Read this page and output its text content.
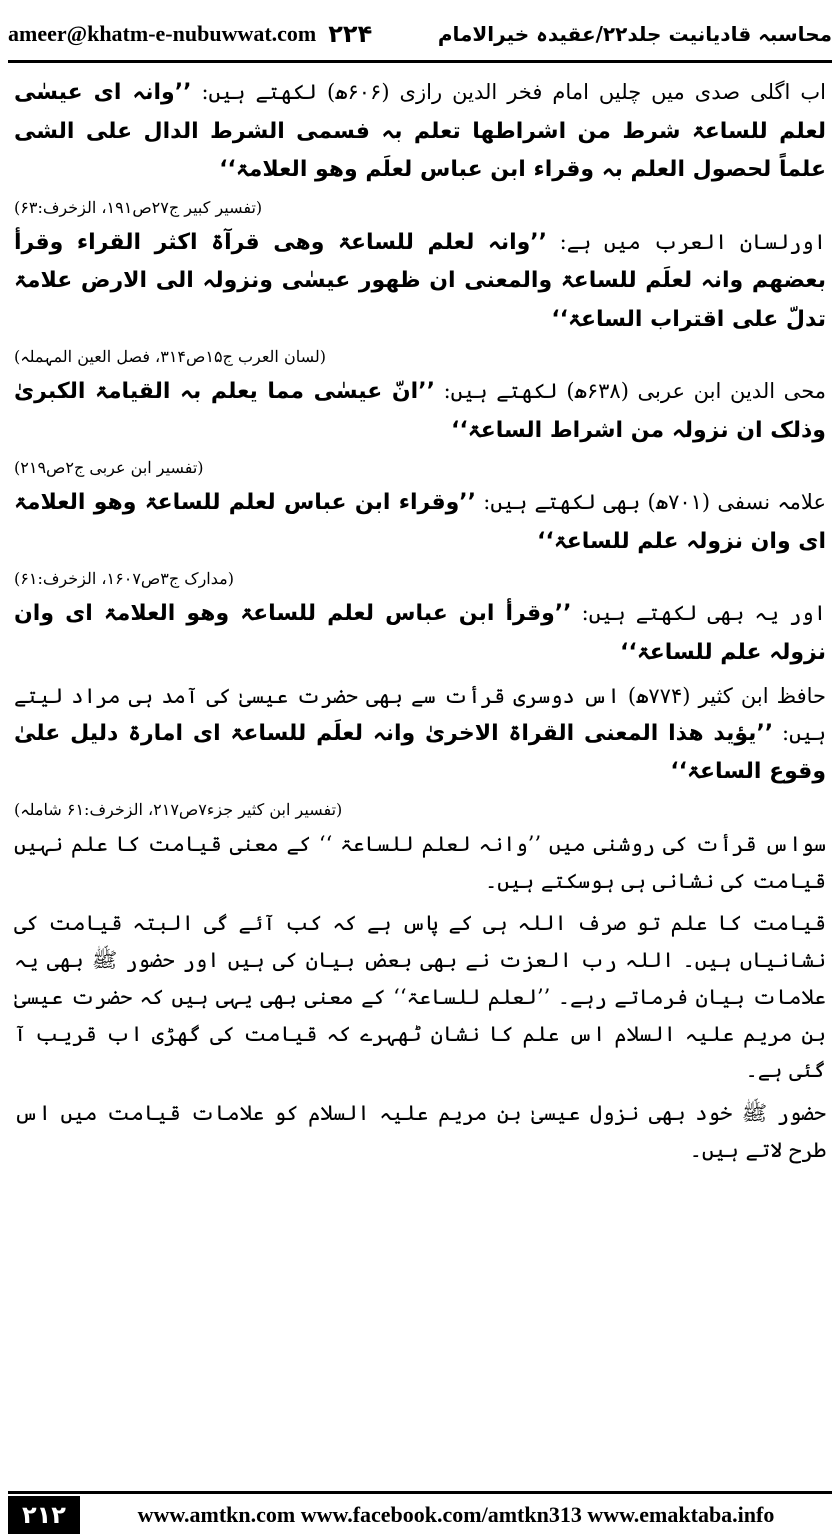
ameer@khatm-e-nubuwwat.com ۲۲۴	محاسبہ قادیانیت جلد۲۲/عقیدہ خیرالامام

اب اگلی صدی میں چلیں امام فخر الدین رازی (۶۰۶ھ) لکھتے ہیں: ’’وانہ ای عیسٰی لعلم للساعۃ شرط من اشراطھا تعلم بہ فسمی الشرط الدال علی الشی علماً لحصول العلم بہ وقراء ابن عباس لعلَم وھو العلامۃ‘‘

(تفسیر کبیر ج۲۷ص۱۹۱، الزخرف:۶۳)

اورلسان العرب میں ہے: ’’وانہ لعلم للساعۃ وھی قرآۃ اکثر القراء وقرأ بعضھم وانہ لعلَم للساعۃ والمعنی ان ظھور عیسٰی ونزولہ الی الارض علامۃ تدلّ علی اقتراب الساعۃ‘‘

(لسان العرب ج۱۵ص۳۱۴، فصل العین المہملہ)

محی الدین ابن عربی (۶۳۸ھ) لکھتے ہیں: ’’انّ عیسٰی مما یعلم بہ القیامۃ الکبریٰ وذلک ان نزولہ من اشراط الساعۃ‘‘

(تفسیر ابن عربی ج۲ص۲۱۹)

علامہ نسفی (۷۰۱ھ) بھی لکھتے ہیں: ’’وقراء ابن عباس لعلم للساعۃ وھو العلامۃ ای وان نزولہ علم للساعۃ‘‘

(مدارک ج۳ص۱۶۰۷، الزخرف:۶۱)

اور یہ بھی لکھتے ہیں: ’’وقرأ ابن عباس لعلم للساعۃ وھو العلامۃ ای وان نزولہ علم للساعۃ‘‘

حافظ ابن کثیر (۷۷۴ھ) اس دوسری قرأت سے بھی حضرت عیسیٰ کی آمد ہی مراد لیتے ہیں: ’’یؤید ھذا المعنی القراۃ الاخریٰ وانہ لعلَم للساعۃ ای امارۃ دلیل علیٰ وقوع الساعۃ‘‘

(تفسیر ابن کثیر جزء۷ص۲۱۷، الزخرف:۶۱ شاملہ)

سواس قرأت کی روشنی میں ’’وانہ لعلم للساعۃ ‘‘ کے معنی قیامت کا علم نہیں قیامت کی نشانی ہی ہوسکتے ہیں۔

قیامت کا علم تو صرف اللہ ہی کے پاس ہے کہ کب آئے گی البتہ قیامت کی نشانیاں ہیں۔ اللہ رب العزت نے بھی بعض بیان کی ہیں اور حضور ﷺ بھی یہ علامات بیان فرماتے رہے۔ ’’لعلم للساعۃ‘‘ کے معنی بھی یہی ہیں کہ حضرت عیسیٰ بن مریم علیہ السلام اس علم کا نشان ٹھہرے کہ قیامت کی گھڑی اب قریب آ گئی ہے۔

حضور ﷺ خود بھی نزول عیسیٰ بن مریم علیہ السلام کو علامات قیامت میں اس طرح لاتے ہیں۔

۲۱۲	www.amtkn.com www.facebook.com/amtkn313 www.emaktaba.info
